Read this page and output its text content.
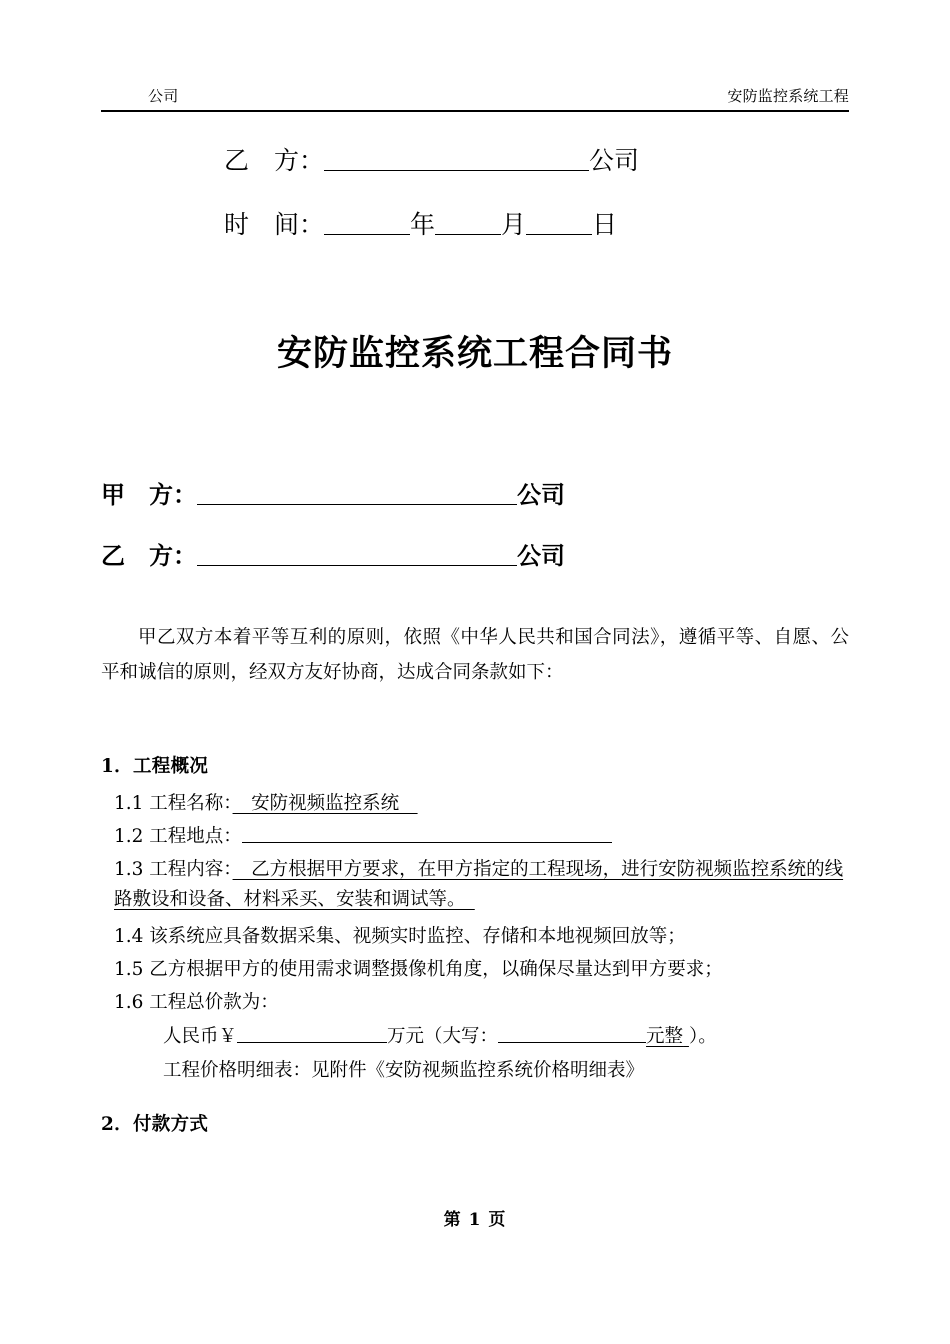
公司	安防监控系统工程
乙　方：	公司
时　间：	年	月	日
安防监控系统工程合同书
甲　方：	公司
乙　方：	公司
甲乙双方本着平等互利的原则，依照《中华人民共和国合同法》，遵循平等、自愿、公平和诚信的原则，经双方友好协商，达成合同条款如下：
1．工程概况
1.1 工程名称：　安防视频监控系统　
1.2 工程地点：
1.3 工程内容：　乙方根据甲方要求，在甲方指定的工程现场，进行安防视频监控系统的线路敷设和设备、材料采买、安装和调试等。　
1.4 该系统应具备数据采集、视频实时监控、存储和本地视频回放等；
1.5 乙方根据甲方的使用需求调整摄像机角度，以确保尽量达到甲方要求；
1.6 工程总价款为：
人民币￥	万元（大写：	元整 ）。
工程价格明细表：见附件《安防视频监控系统价格明细表》
2．付款方式
第 1 页
